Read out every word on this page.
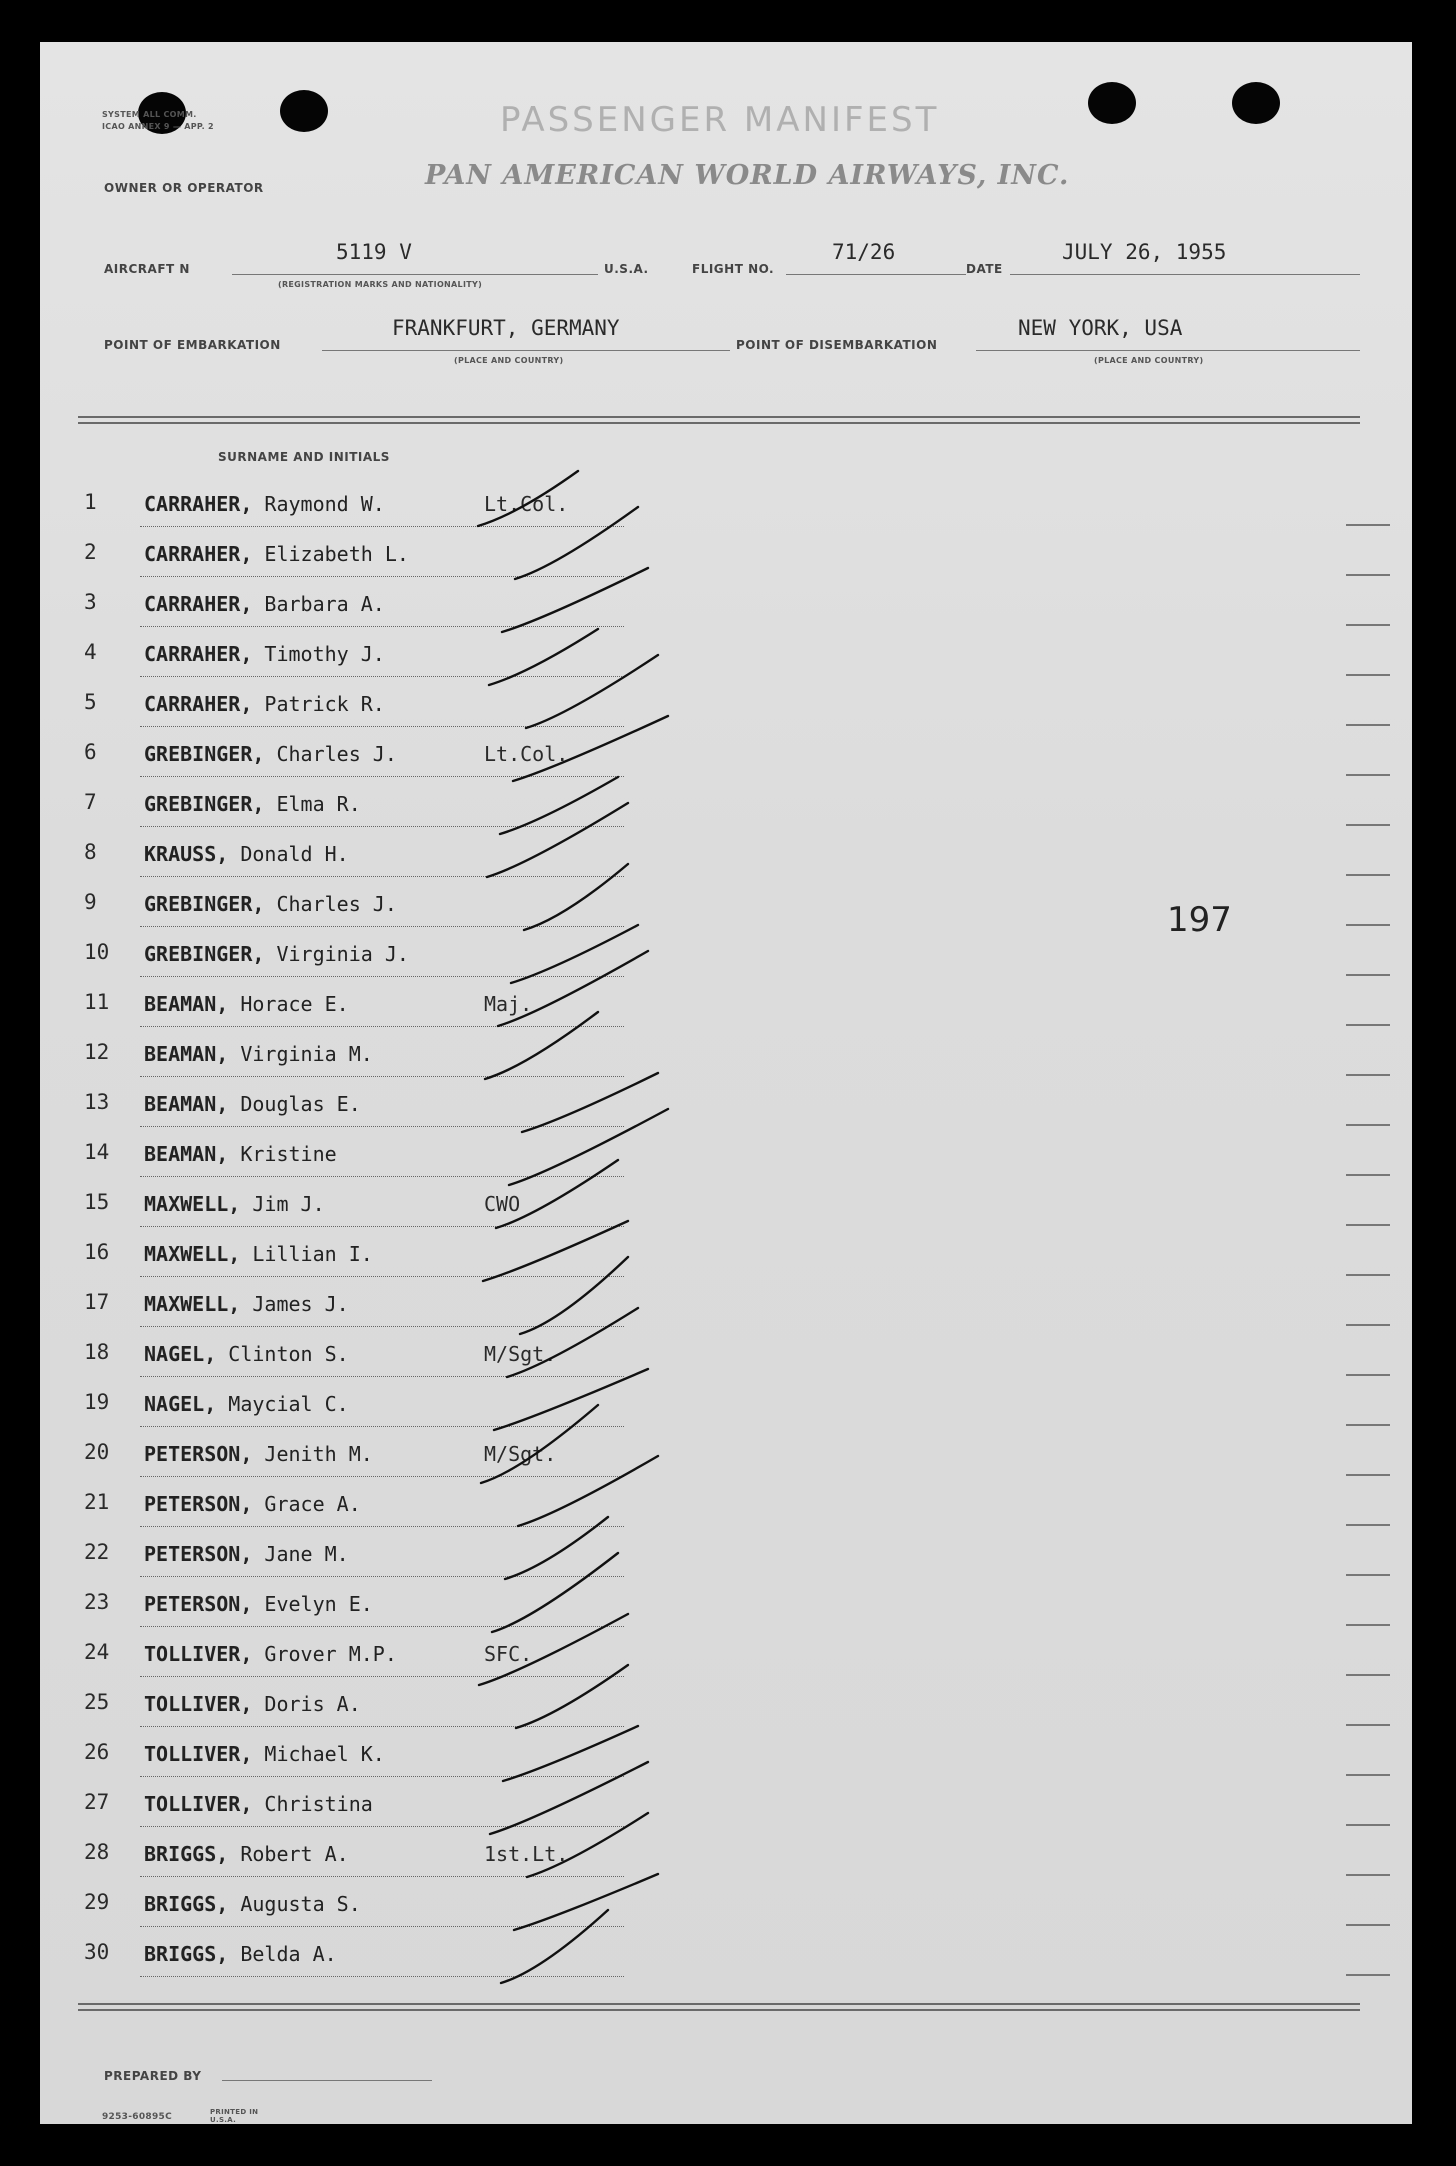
SYSTEM ALL COMM.
ICAO ANNEX 9 — APP. 2	PASSENGER MANIFEST
OWNER OR OPERATOR	PAN AMERICAN WORLD AIRWAYS, INC.
AIRCRAFT N
5119 V
(REGISTRATION MARKS AND NATIONALITY)
U.S.A.	FLIGHT NO.
71/26
DATE
JULY 26, 1955
POINT OF EMBARKATION
FRANKFURT, GERMANY
(PLACE AND COUNTRY)
POINT OF DISEMBARKATION
NEW YORK, USA
(PLACE AND COUNTRY)
SURNAME AND INITIALS
1 CARRAHER, Raymond W.	Lt.Col.
2 CARRAHER, Elizabeth L.
3 CARRAHER, Barbara A.
4 CARRAHER, Timothy J.
5 CARRAHER, Patrick R.
6 GREBINGER, Charles J.	Lt.Col.
7 GREBINGER, Elma R.
8 KRAUSS, Donald H.
9 GREBINGER, Charles J.
10 GREBINGER, Virginia J.
11 BEAMAN, Horace E.	Maj.
12 BEAMAN, Virginia M.
13 BEAMAN, Douglas E.
14 BEAMAN, Kristine
15 MAXWELL, Jim J.	CWO
16 MAXWELL, Lillian I.
17 MAXWELL, James J.
18 NAGEL, Clinton S.	M/Sgt.
19 NAGEL, Maycial C.
20 PETERSON, Jenith M.	M/Sgt.
21 PETERSON, Grace A.
22 PETERSON, Jane M.
23 PETERSON, Evelyn E.
24 TOLLIVER, Grover M.P.	SFC.
25 TOLLIVER, Doris A.
26 TOLLIVER, Michael K.
27 TOLLIVER, Christina
28 BRIGGS, Robert A.	1st.Lt.
29 BRIGGS, Augusta S.
30 BRIGGS, Belda A.
197
PREPARED BY
9253-60895C	PRINTED IN U.S.A.
